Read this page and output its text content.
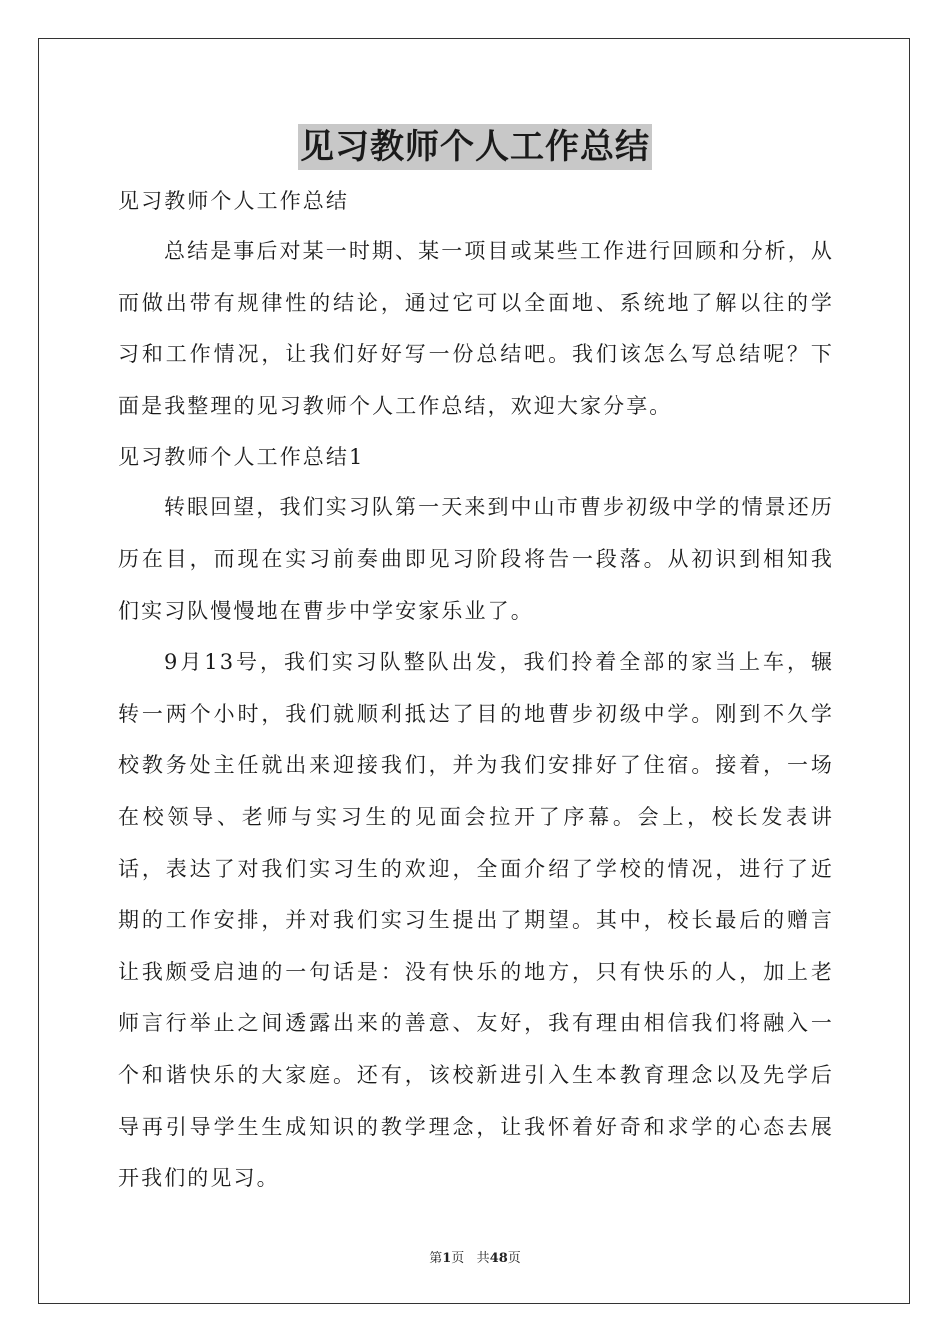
见习教师个人工作总结

见习教师个人工作总结

总结是事后对某一时期、某一项目或某些工作进行回顾和分析，从而做出带有规律性的结论，通过它可以全面地、系统地了解以往的学习和工作情况，让我们好好写一份总结吧。我们该怎么写总结呢？下面是我整理的见习教师个人工作总结，欢迎大家分享。

见习教师个人工作总结1

转眼回望，我们实习队第一天来到中山市曹步初级中学的情景还历历在目，而现在实习前奏曲即见习阶段将告一段落。从初识到相知我们实习队慢慢地在曹步中学安家乐业了。

9月13号，我们实习队整队出发，我们拎着全部的家当上车，辗转一两个小时，我们就顺利抵达了目的地曹步初级中学。刚到不久学校教务处主任就出来迎接我们，并为我们安排好了住宿。接着，一场在校领导、老师与实习生的见面会拉开了序幕。会上，校长发表讲话，表达了对我们实习生的欢迎，全面介绍了学校的情况，进行了近期的工作安排，并对我们实习生提出了期望。其中，校长最后的赠言让我颇受启迪的一句话是：没有快乐的地方，只有快乐的人，加上老师言行举止之间透露出来的善意、友好，我有理由相信我们将融入一个和谐快乐的大家庭。还有，该校新进引入生本教育理念以及先学后导再引导学生生成知识的教学理念，让我怀着好奇和求学的心态去展开我们的见习。

第1页 共48页
